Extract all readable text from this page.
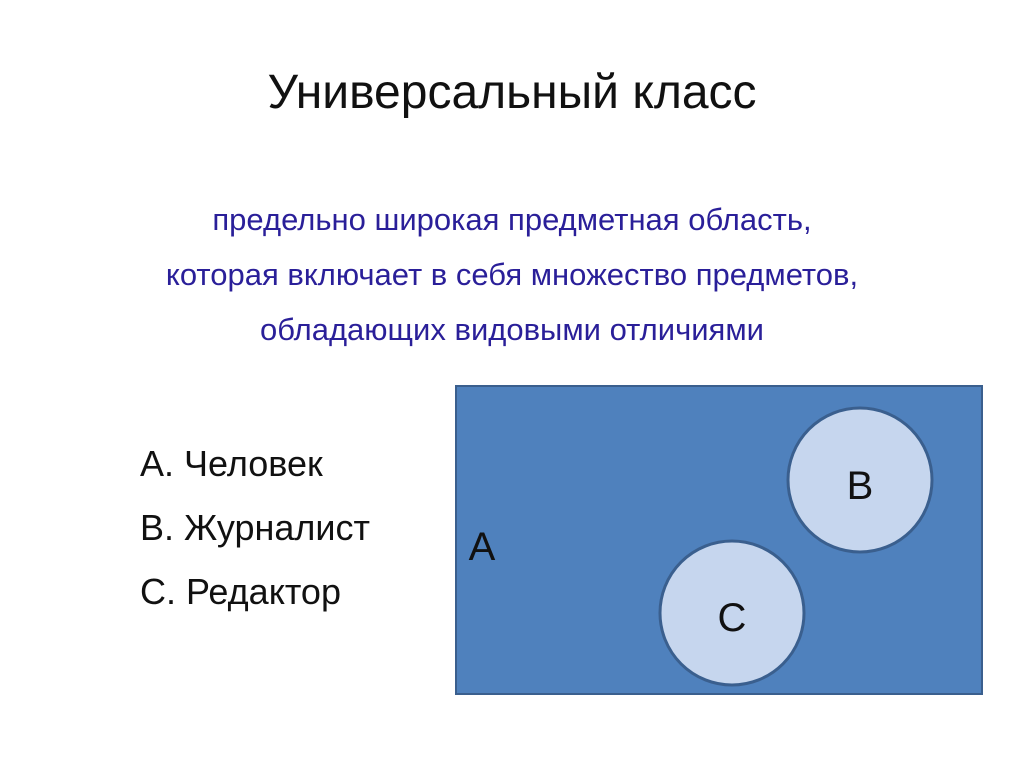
Универсальный класс
предельно широкая предметная область,
которая включает в себя множество предметов,
обладающих видовыми отличиями
A. Человек
B. Журналист
C. Редактор
A
B
C
